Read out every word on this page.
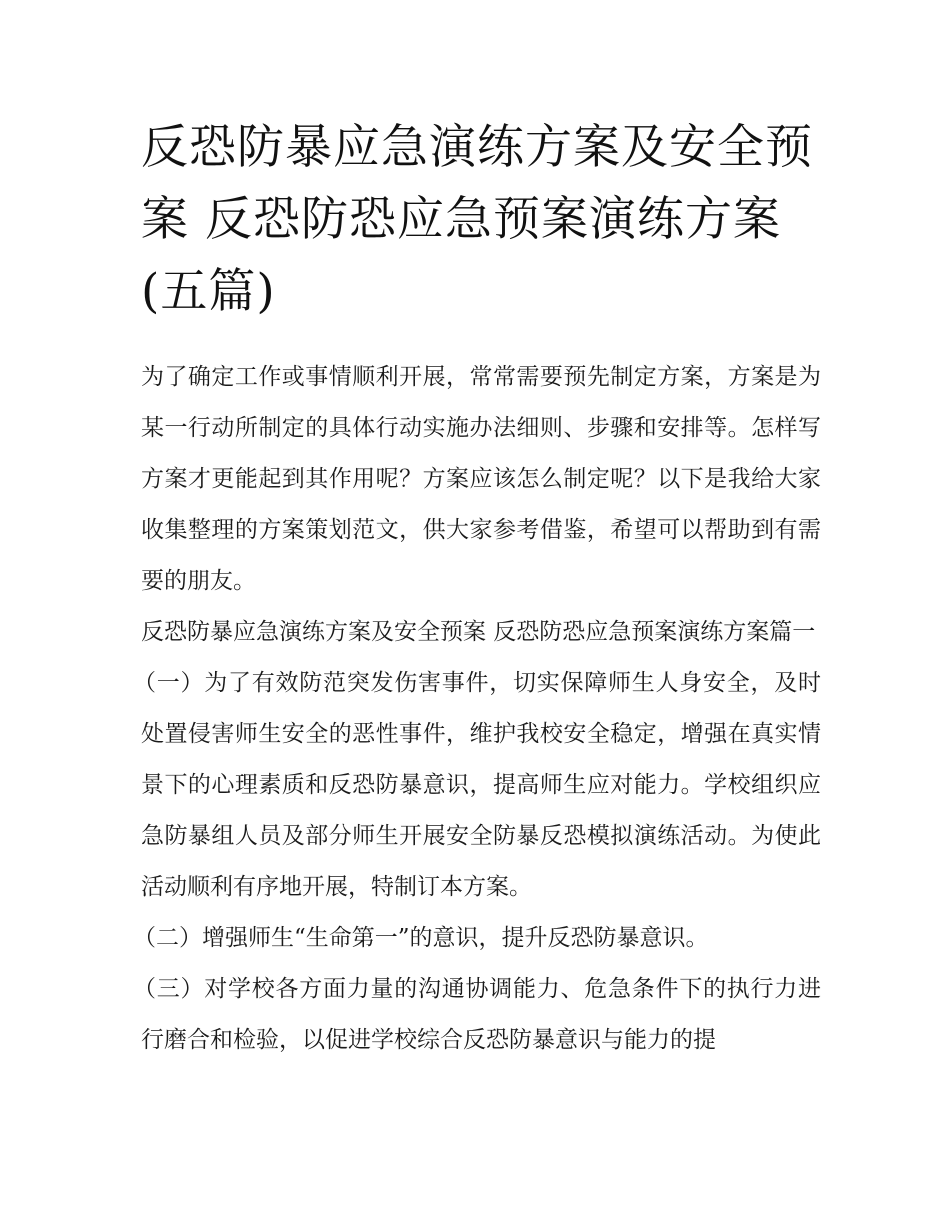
反恐防暴应急演练方案及安全预案 反恐防恐应急预案演练方案(五篇)

为了确定工作或事情顺利开展，常常需要预先制定方案，方案是为某一行动所制定的具体行动实施办法细则、步骤和安排等。怎样写方案才更能起到其作用呢？方案应该怎么制定呢？以下是我给大家收集整理的方案策划范文，供大家参考借鉴，希望可以帮助到有需要的朋友。

反恐防暴应急演练方案及安全预案 反恐防恐应急预案演练方案篇一

（一）为了有效防范突发伤害事件，切实保障师生人身安全，及时处置侵害师生安全的恶性事件，维护我校安全稳定，增强在真实情景下的心理素质和反恐防暴意识，提高师生应对能力。学校组织应急防暴组人员及部分师生开展安全防暴反恐模拟演练活动。为使此活动顺利有序地开展，特制订本方案。

（二）增强师生“生命第一”的意识，提升反恐防暴意识。

（三）对学校各方面力量的沟通协调能力、危急条件下的执行力进行磨合和检验，以促进学校综合反恐防暴意识与能力的提
